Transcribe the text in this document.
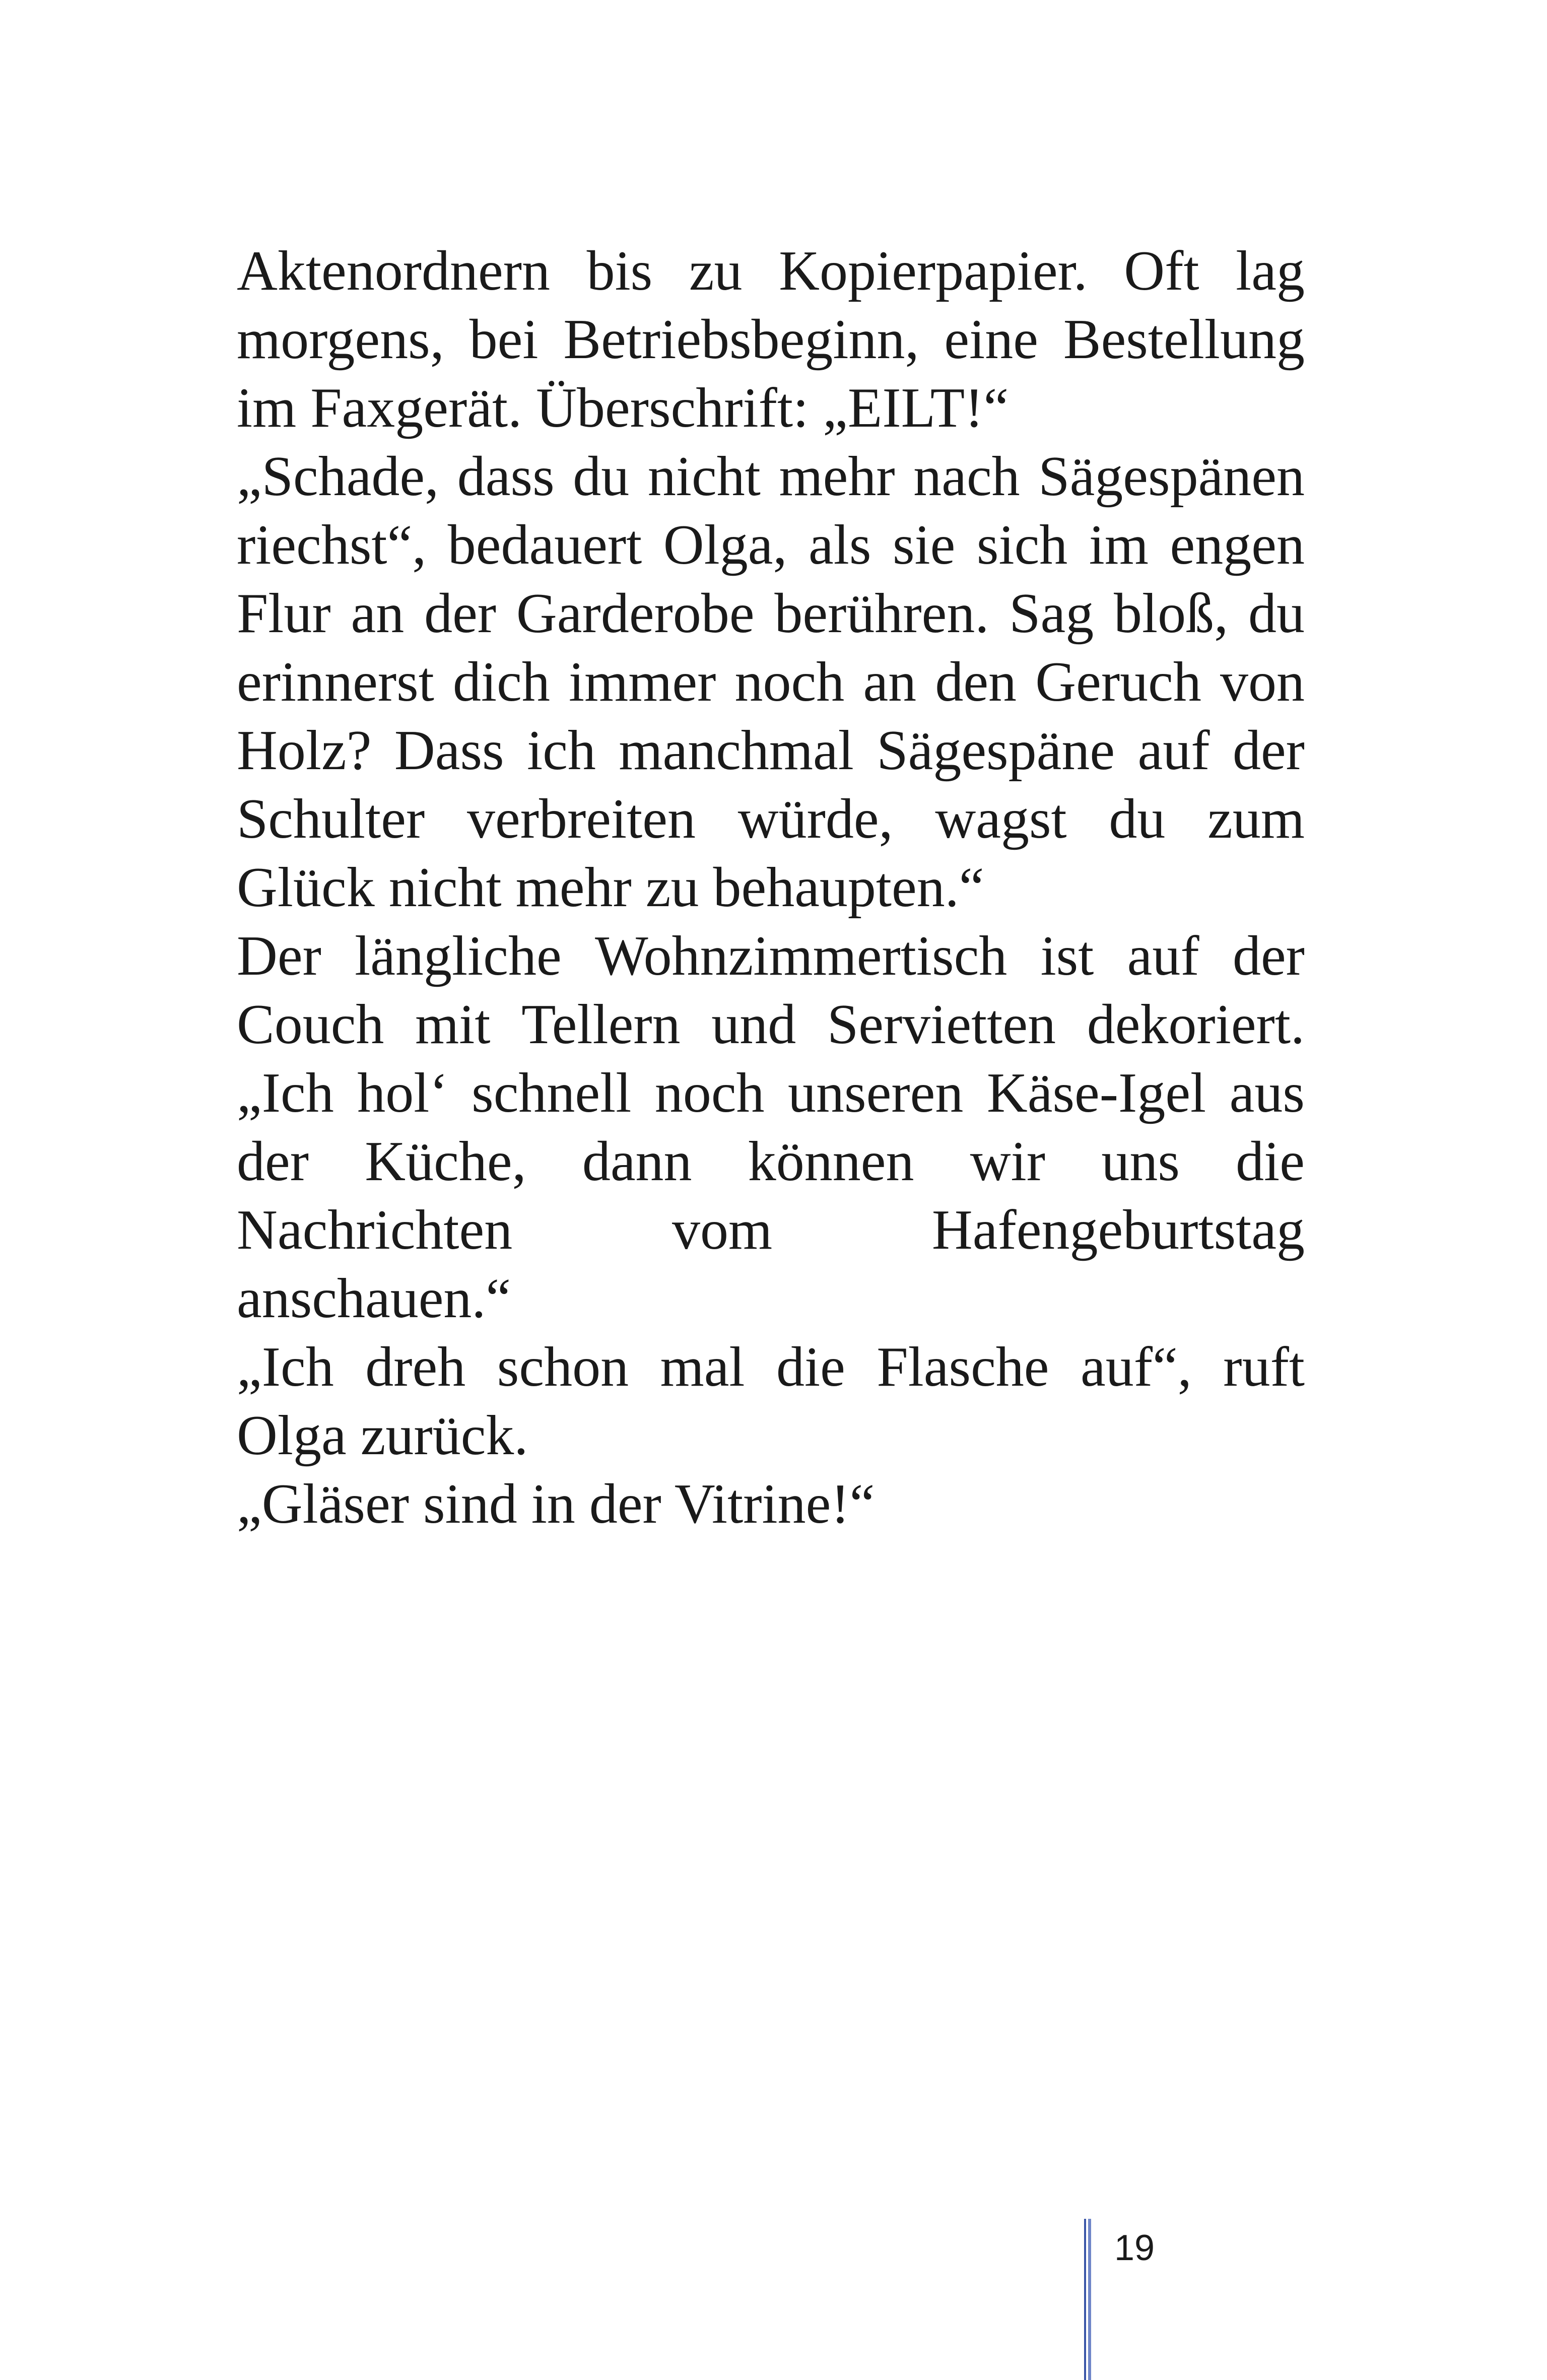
Aktenordnern bis zu Kopierpapier. Oft lag
morgens, bei Betriebsbeginn, eine Bestellung
im Faxgerät. Überschrift: „EILT!“
„Schade, dass du nicht mehr nach Sägespänen
riechst“, bedauert Olga, als sie sich im engen
Flur an der Garderobe berühren. Sag bloß, du
erinnerst dich immer noch an den Geruch von
Holz? Dass ich manchmal Sägespäne auf der
Schulter verbreiten würde, wagst du zum
Glück nicht mehr zu behaupten.“
Der längliche Wohnzimmertisch ist auf der
Couch mit Tellern und Servietten dekoriert.
„Ich hol‘ schnell noch unseren Käse-Igel aus
der Küche, dann können wir uns die
Nachrichten	vom	Hafengeburtstag
anschauen.“
„Ich dreh schon mal die Flasche auf“, ruft
Olga zurück.
„Gläser sind in der Vitrine!“
19
